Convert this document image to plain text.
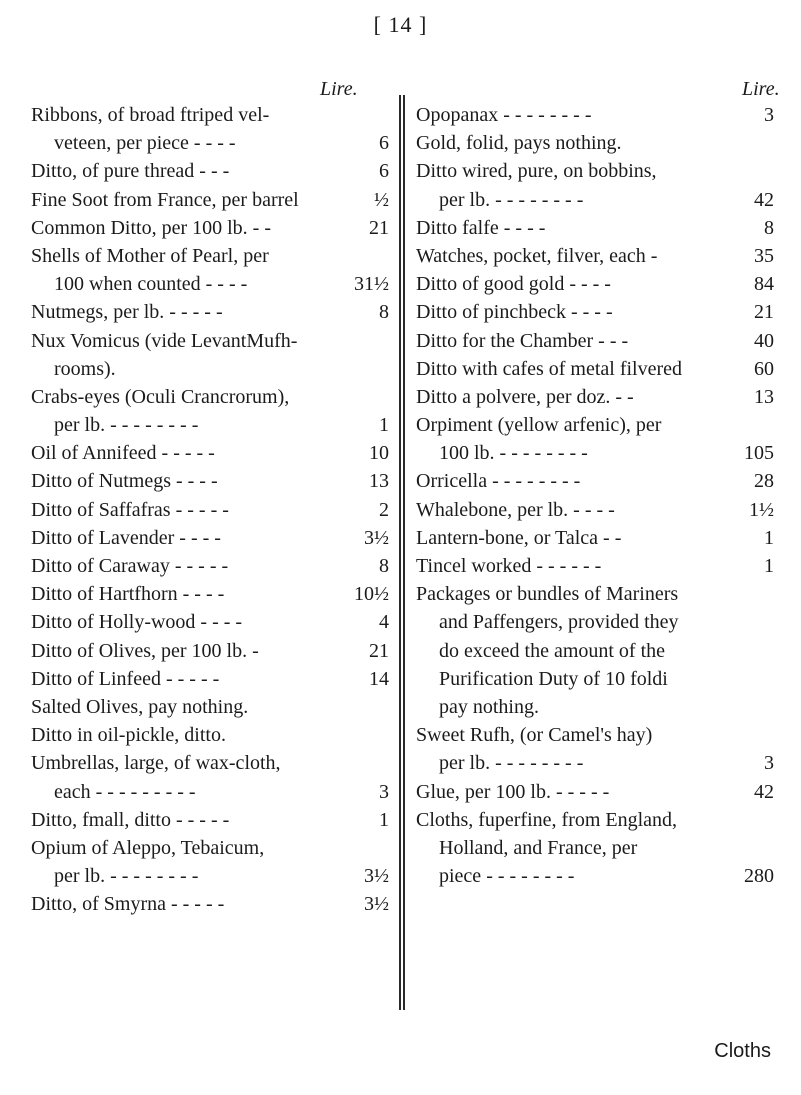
[ 14 ]
Lire.	Lire.
Ribbons, of broad ftriped vel-
veteen, per piece - - - -	6
Ditto, of pure thread - - -	6
Fine Soot from France, per barrel	½
Common Ditto, per 100 lb. - -	21
Shells of Mother of Pearl, per
100 when counted - - - -	31½
Nutmegs, per lb. - - - - -	8
Nux Vomicus (vide LevantMufh-
rooms).
Crabs-eyes (Oculi Crancrorum),
per lb. - - - - - - - -	1
Oil of Annifeed - - - - -	10
Ditto of Nutmegs - - - -	13
Ditto of Saffafras - - - - -	2
Ditto of Lavender - - - -	3½
Ditto of Caraway - - - - -	8
Ditto of Hartfhorn - - - -	10½
Ditto of Holly-wood - - - -	4
Ditto of Olives, per 100 lb. -	21
Ditto of Linfeed - - - - -	14
Salted Olives, pay nothing.
Ditto in oil-pickle, ditto.
Umbrellas, large, of wax-cloth,
each - - - - - - - - -	3
Ditto, fmall, ditto - - - - -	1
Opium of Aleppo, Tebaicum,
per lb. - - - - - - - -	3½
Ditto, of Smyrna - - - - -	3½
Opopanax - - - - - - - -	3
Gold, folid, pays nothing.
Ditto wired, pure, on bobbins,
per lb. - - - - - - - -	42
Ditto falfe - - - -	8
Watches, pocket, filver, each -	35
Ditto of good gold - - - -	84
Ditto of pinchbeck - - - -	21
Ditto for the Chamber - - -	40
Ditto with cafes of metal filvered	60
Ditto a polvere, per doz. - -	13
Orpiment (yellow arfenic), per
100 lb. - - - - - - - -	105
Orricella - - - - - - - -	28
Whalebone, per lb. - - - -	1½
Lantern-bone, or Talca - -	1
Tincel worked - - - - - -	1
Packages or bundles of Mariners
and Paffengers, provided they
do exceed the amount of the
Purification Duty of 10 foldi
pay nothing.
Sweet Rufh, (or Camel's hay)
per lb. - - - - - - - -	3
Glue, per 100 lb. - - - - -	42
Cloths, fuperfine, from England,
Holland, and France, per
piece - - - - - - - -	280
Cloths
